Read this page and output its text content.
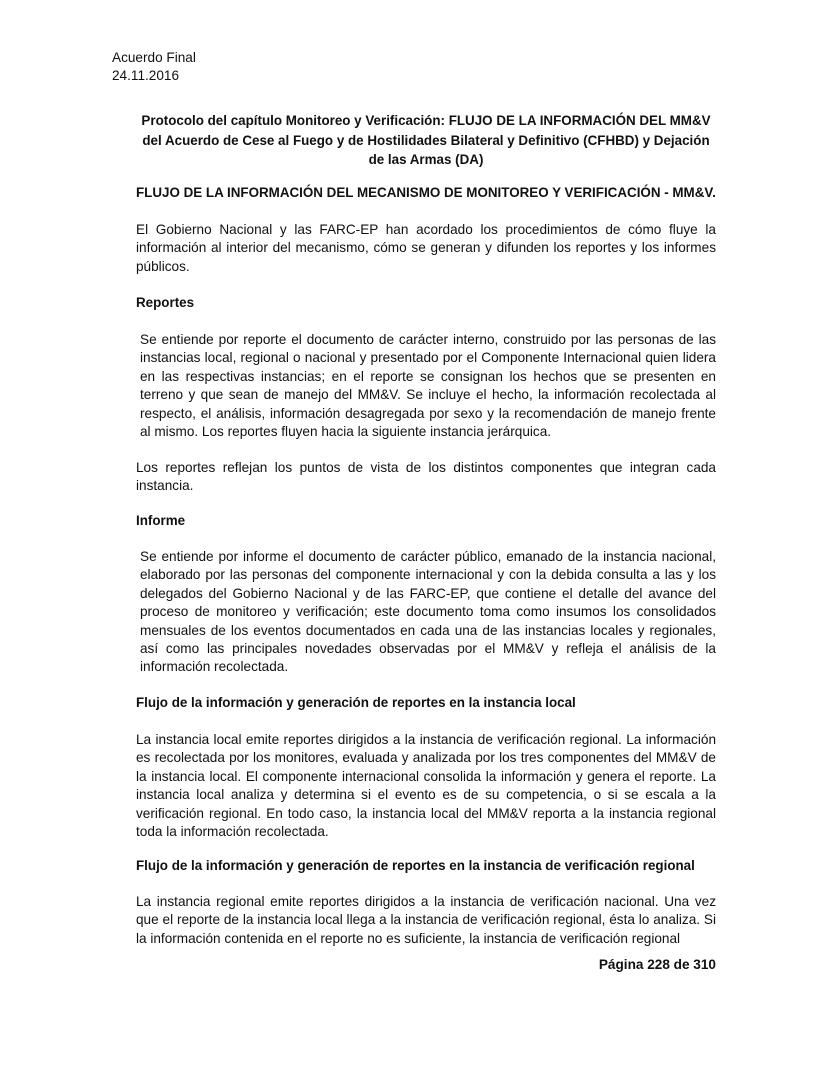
Acuerdo Final
24.11.2016
Protocolo del capítulo Monitoreo y Verificación: FLUJO DE LA INFORMACIÓN DEL MM&V del Acuerdo de Cese al Fuego y de Hostilidades Bilateral y Definitivo (CFHBD) y Dejación de las Armas (DA)
FLUJO DE LA INFORMACIÓN DEL MECANISMO DE MONITOREO Y VERIFICACIÓN - MM&V.
El Gobierno Nacional y las FARC-EP han acordado los procedimientos de cómo fluye la información al interior del mecanismo, cómo se generan y difunden los reportes y los informes públicos.
Reportes
Se entiende por reporte el documento de carácter interno, construido por las personas de las instancias local, regional o nacional y presentado por el Componente Internacional quien lidera en las respectivas instancias; en el reporte se consignan los hechos que se presenten en terreno y que sean de manejo del MM&V. Se incluye el hecho, la información recolectada al respecto, el análisis, información desagregada por sexo y la recomendación de manejo frente al mismo. Los reportes fluyen hacia la siguiente instancia jerárquica.
Los reportes reflejan los puntos de vista de los distintos componentes que integran cada instancia.
Informe
Se entiende por informe el documento de carácter público, emanado de la instancia nacional, elaborado por las personas del componente internacional y con la debida consulta a las y los delegados del Gobierno Nacional y de las FARC-EP, que contiene el detalle del avance del proceso de monitoreo y verificación; este documento toma como insumos los consolidados mensuales de los eventos documentados en cada una de las instancias locales y regionales, así como las principales novedades observadas por el MM&V y refleja el análisis de la información recolectada.
Flujo de la información y generación de reportes en la instancia local
La instancia local emite reportes dirigidos a la instancia de verificación regional. La información es recolectada por los monitores, evaluada y analizada por los tres componentes del MM&V de la instancia local. El componente internacional consolida la información y genera el reporte. La instancia local analiza y determina si el evento es de su competencia, o si se escala a la verificación regional. En todo caso, la instancia local del MM&V reporta a la instancia regional toda la información recolectada.
Flujo de la información y generación de reportes en la instancia de verificación regional
La instancia regional emite reportes dirigidos a la instancia de verificación nacional. Una vez que el reporte de la instancia local llega a la instancia de verificación regional, ésta lo analiza. Si la información contenida en el reporte no es suficiente, la instancia de verificación regional
Página 228 de 310
